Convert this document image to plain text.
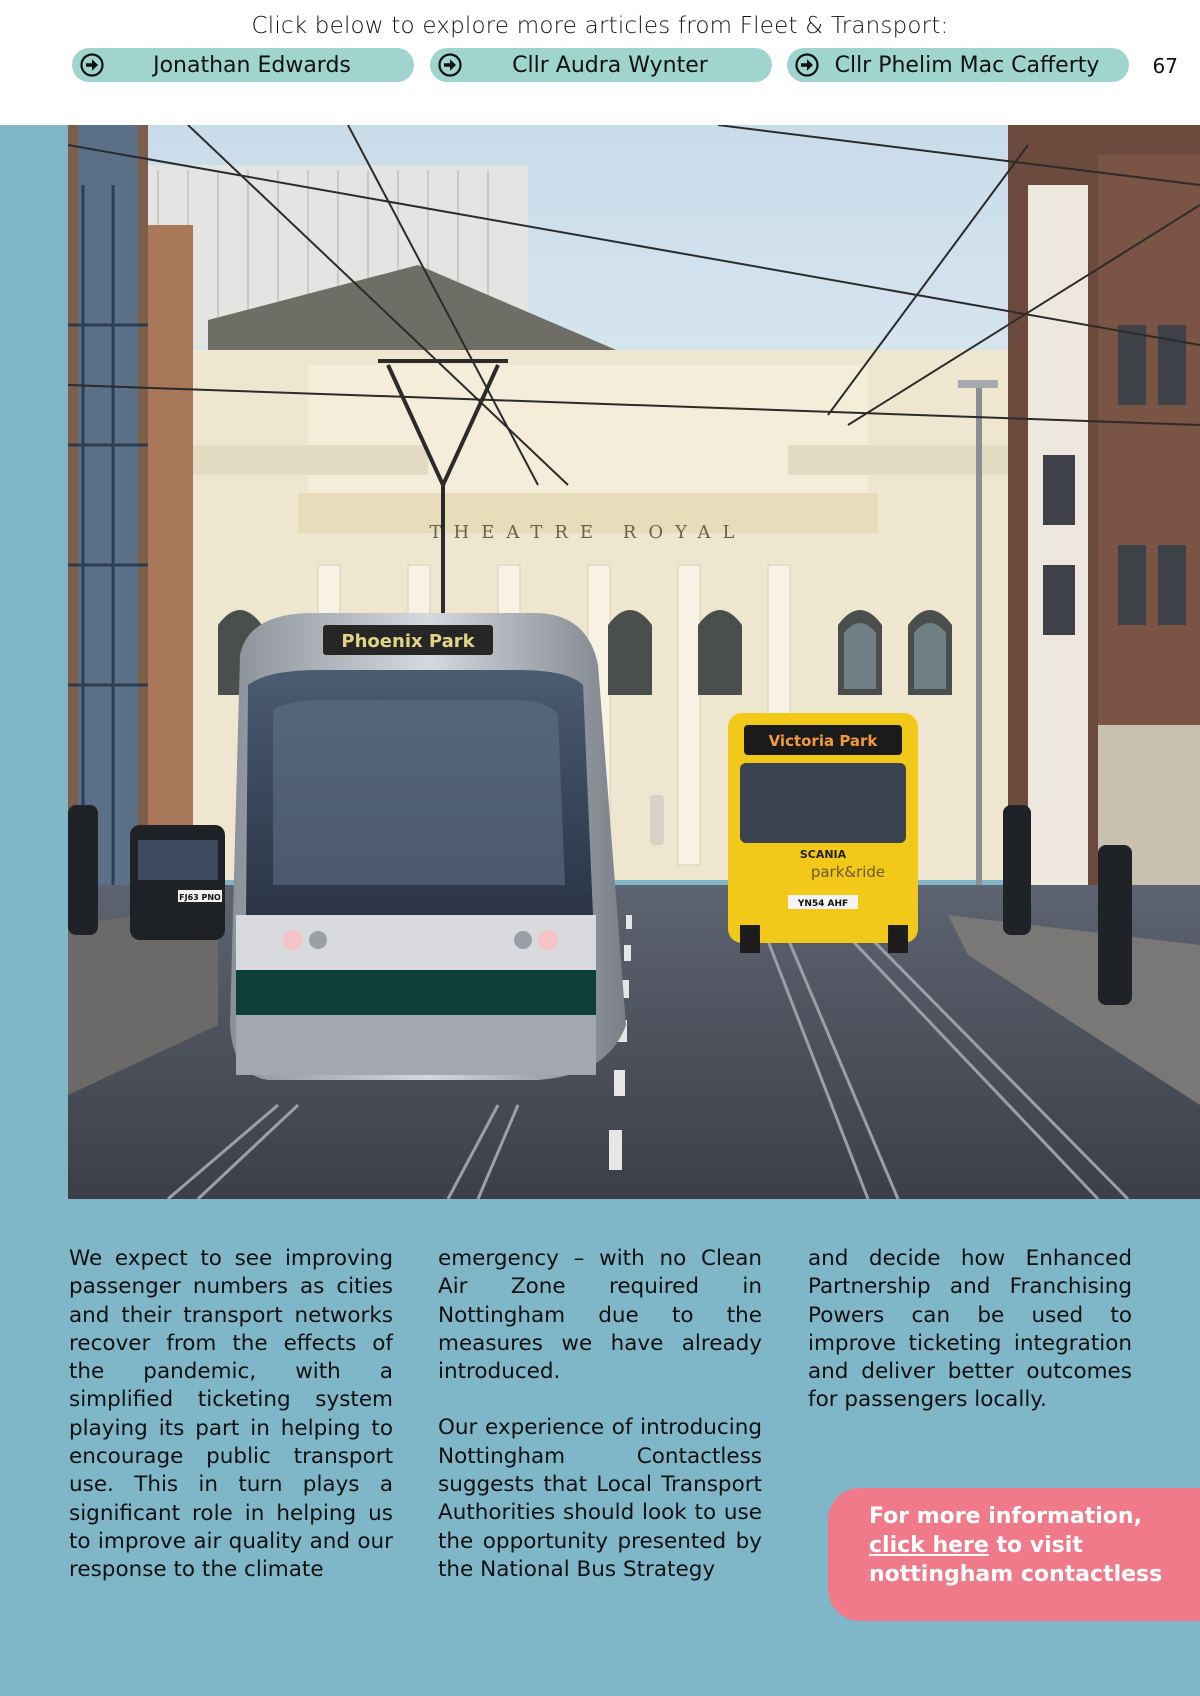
Click below to explore more articles from Fleet & Transport:
Jonathan Edwards	Cllr Audra Wynter	Cllr Phelim Mac Cafferty	67
THEATRE ROYAL
FJ63 PNO
Victoria Park
SCANIA
park&ride
YN54 AHF
Phoenix Park

We expect to see improving passenger numbers as cities and their transport networks recover from the effects of the pandemic, with a simplified ticketing system playing its part in helping to encourage public transport use. This in turn plays a significant role in helping us to improve air quality and our response to the climate

emergency – with no Clean Air Zone required in Nottingham due to the measures we have already introduced.

Our experience of introducing Nottingham Contactless suggests that Local Transport Authorities should look to use the opportunity presented by the National Bus Strategy

and decide how Enhanced Partnership and Franchising Powers can be used to improve ticketing integration and deliver better outcomes for passengers locally.

For more information, click here to visit nottingham contactless
